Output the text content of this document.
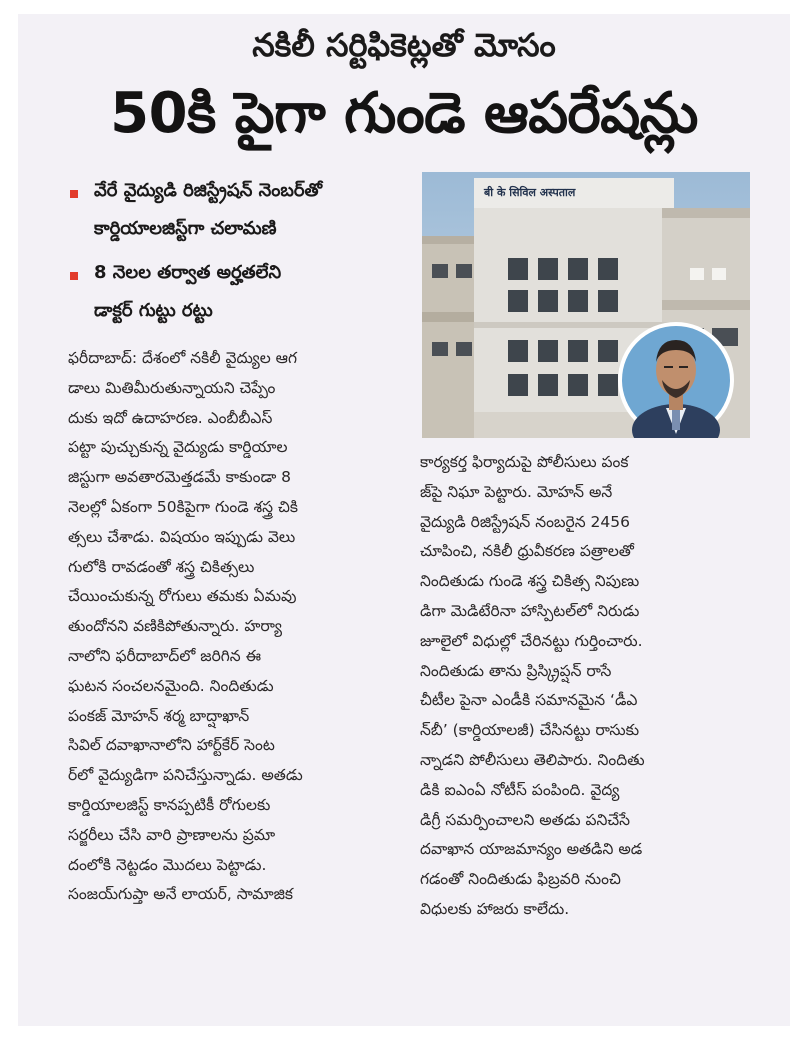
నకిలీ సర్టిఫికెట్లతో మోసం
50కి పైగా గుండె ఆపరేషన్లు
వేరే వైద్యుడి రిజిస్ట్రేషన్ నెంబర్‌తో
కార్డియాలజిస్ట్‌గా చలామణి
8 నెలల తర్వాత అర్హతలేని
డాక్టర్ గుట్టు రట్టు
बी के सिविल अस्पताल
ఫరీదాబాద్: దేశంలో నకిలీ వైద్యుల ఆగ
డాలు మితిమీరుతున్నాయని చెప్పేం
దుకు ఇదో ఉదాహరణ. ఎంబీబీఎస్
పట్టా పుచ్చుకున్న వైద్యుడు కార్డియాల
జిస్టుగా అవతారమెత్తడమే కాకుండా 8
నెలల్లో ఏకంగా 50కిపైగా గుండె శస్త్ర చికి
త్సలు చేశాడు. విషయం ఇప్పుడు వెలు
గులోకి రావడంతో శస్త్ర చికిత్సలు
చేయించుకున్న రోగులు తమకు ఏమవు
తుందోనని వణికిపోతున్నారు. హర్యా
నాలోని ఫరీదాబాద్‌లో జరిగిన ఈ
ఘటన సంచలనమైంది. నిందితుడు
పంకజ్ మోహన్ శర్మ బాద్షాఖాన్
సివిల్ దవాఖానాలోని హార్ట్‌కేర్ సెంట
ర్‌లో వైద్యుడిగా పనిచేస్తున్నాడు. అతడు
కార్డియాలజిస్ట్ కానప్పటికీ రోగులకు
సర్జరీలు చేసి వారి ప్రాణాలను ప్రమా
దంలోకి నెట్టడం మొదలు పెట్టాడు.
సంజయ్‌గుప్తా అనే లాయర్, సామాజిక
కార్యకర్త ఫిర్యాదుపై పోలీసులు పంక
జ్‌పై నిఘా పెట్టారు. మోహన్ అనే
వైద్యుడి రిజిస్ట్రేషన్ నంబరైన 2456
చూపించి, నకిలీ ధ్రువీకరణ పత్రాలతో
నిందితుడు గుండె శస్త్ర చికిత్స నిపుణు
డిగా మెడిటేరినా హాస్పిటల్‌లో నిరుడు
జూలైలో విధుల్లో చేరినట్టు గుర్తించారు.
నిందితుడు తాను ప్రిస్క్రిప్షన్ రాసే
చీటీల పైనా ఎండీకి సమానమైన ‘డీఎ
న్‌బీ’ (కార్డియాలజీ) చేసినట్టు రాసుకు
న్నాడని పోలీసులు తెలిపారు. నిందితు
డికి ఐఎంఏ నోటీస్ పంపింది. వైద్య
డిగ్రీ సమర్పించాలని అతడు పనిచేసే
దవాఖాన యాజమాన్యం అతడిని అడ
గడంతో నిందితుడు ఫిబ్రవరి నుంచి
విధులకు హాజరు కాలేదు.
